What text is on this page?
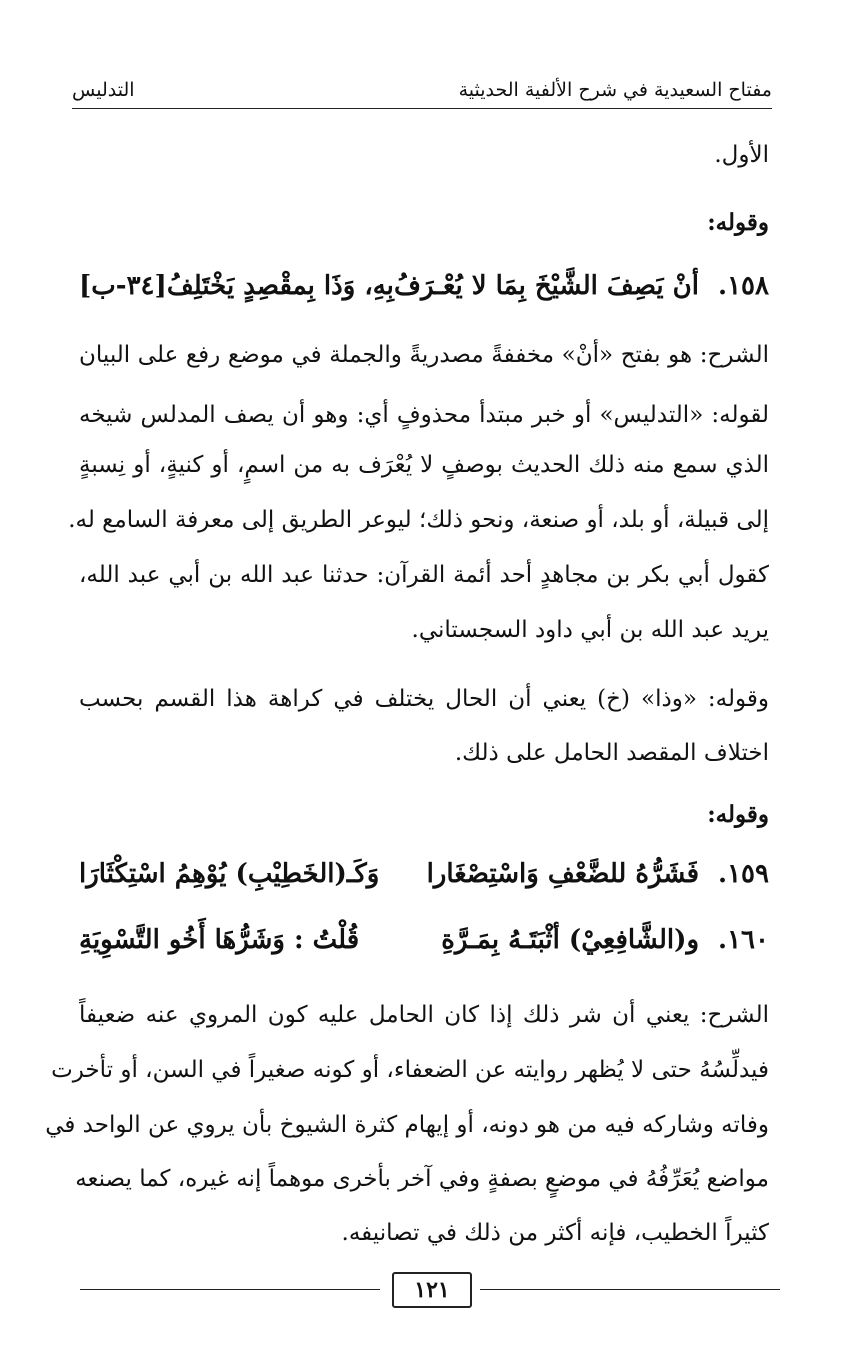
مفتاح السعيدية في شرح الألفية الحديثية
التدليس
الأول.
وقوله:
١٥٨.
أنْ يَصِفَ الشَّيْخَ بِمَا لا يُعْـرَفُ
بِهِ، وَذَا بِمقْصِدٍ يَخْتَلِفُ[٣٤-ب]
الشرح: هو بفتح «أنْ» مخففةً مصدريةً والجملة في موضع رفع على البيان
لقوله: «التدليس» أو خبر مبتدأ محذوفٍ أي: وهو أن يصف المدلس شيخه
الذي سمع منه ذلك الحديث بوصفٍ لا يُعْرَف به من اسمٍ، أو كنيةٍ، أو نِسبةٍ
إلى قبيلة، أو بلد، أو صنعة، ونحو ذلك؛ ليوعر الطريق إلى معرفة السامع له.
كقول أبي بكر بن مجاهدٍ أحد أئمة القرآن: حدثنا عبد الله بن أبي عبد الله،
يريد عبد الله بن أبي داود السجستاني.
وقوله: «وذا» (خ) يعني أن الحال يختلف في كراهة هذا القسم بحسب
اختلاف المقصد الحامل على ذلك.
وقوله:
١٥٩.
فَشَرُّهُ للضَّعْفِ وَاسْتِصْغَارا
وَكَـ(الخَطِيْبِ) يُوْهِمُ اسْتِكْثَارَا
١٦٠.
و(الشَّافِعِيْ) أثْبَتَـهُ بِمَـرَّةِ
قُلْتُ : وَشَرُّهَا أَخُو التَّسْوِيَةِ
الشرح: يعني أن شر ذلك إذا كان الحامل عليه كون المروي عنه ضعيفاً
فيدلِّسُهُ حتى لا يُظهر روايته عن الضعفاء، أو كونه صغيراً في السن، أو تأخرت
وفاته وشاركه فيه من هو دونه، أو إيهام كثرة الشيوخ بأن يروي عن الواحد في
مواضع يُعَرِّفُهُ في موضعٍ بصفةٍ وفي آخر بأخرى موهماً إنه غيره، كما يصنعه
كثيراً الخطيب، فإنه أكثر من ذلك في تصانيفه.
١٢١
